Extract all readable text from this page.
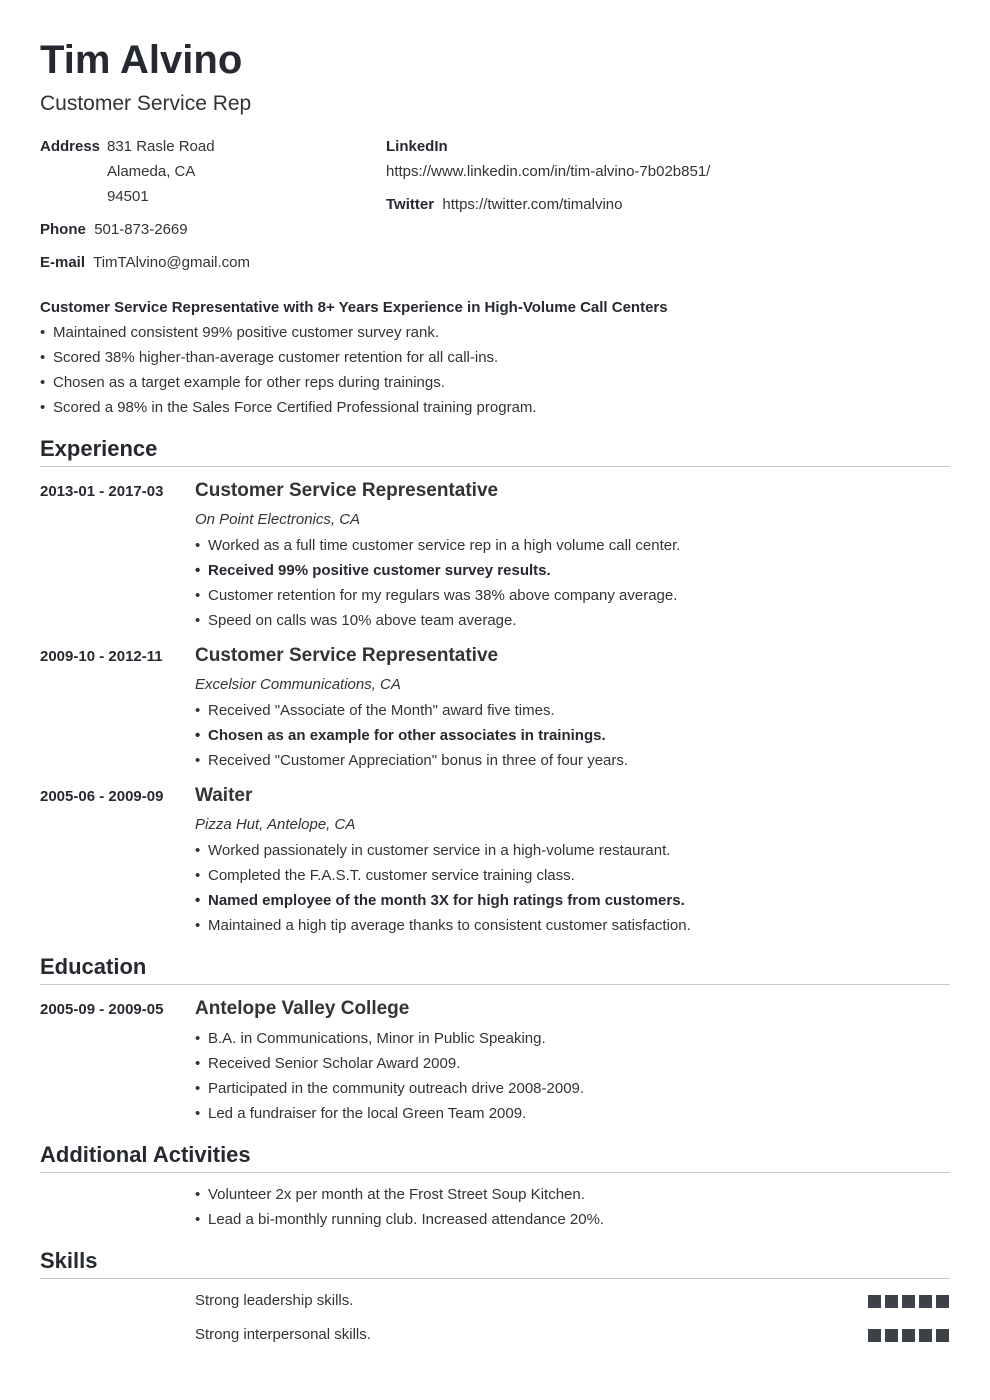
Tim Alvino
Customer Service Rep
Address 831 Rasle Road
Alameda, CA
94501
Phone 501-873-2669
E-mail TimTAlvino@gmail.com
LinkedIn
https://www.linkedin.com/in/tim-alvino-7b02b851/
Twitter https://twitter.com/timalvino
Customer Service Representative with 8+ Years Experience in High-Volume Call Centers
• Maintained consistent 99% positive customer survey rank.
• Scored 38% higher-than-average customer retention for all call-ins.
• Chosen as a target example for other reps during trainings.
• Scored a 98% in the Sales Force Certified Professional training program.
Experience
2013-01 - 2017-03 Customer Service Representative
On Point Electronics, CA
• Worked as a full time customer service rep in a high volume call center.
• Received 99% positive customer survey results.
• Customer retention for my regulars was 38% above company average.
• Speed on calls was 10% above team average.
2009-10 - 2012-11 Customer Service Representative
Excelsior Communications, CA
• Received "Associate of the Month" award five times.
• Chosen as an example for other associates in trainings.
• Received "Customer Appreciation" bonus in three of four years.
2005-06 - 2009-09 Waiter
Pizza Hut, Antelope, CA
• Worked passionately in customer service in a high-volume restaurant.
• Completed the F.A.S.T. customer service training class.
• Named employee of the month 3X for high ratings from customers.
• Maintained a high tip average thanks to consistent customer satisfaction.
Education
2005-09 - 2009-05 Antelope Valley College
• B.A. in Communications, Minor in Public Speaking.
• Received Senior Scholar Award 2009.
• Participated in the community outreach drive 2008-2009.
• Led a fundraiser for the local Green Team 2009.
Additional Activities
• Volunteer 2x per month at the Frost Street Soup Kitchen.
• Lead a bi-monthly running club. Increased attendance 20%.
Skills
Strong leadership skills.
Strong interpersonal skills.
